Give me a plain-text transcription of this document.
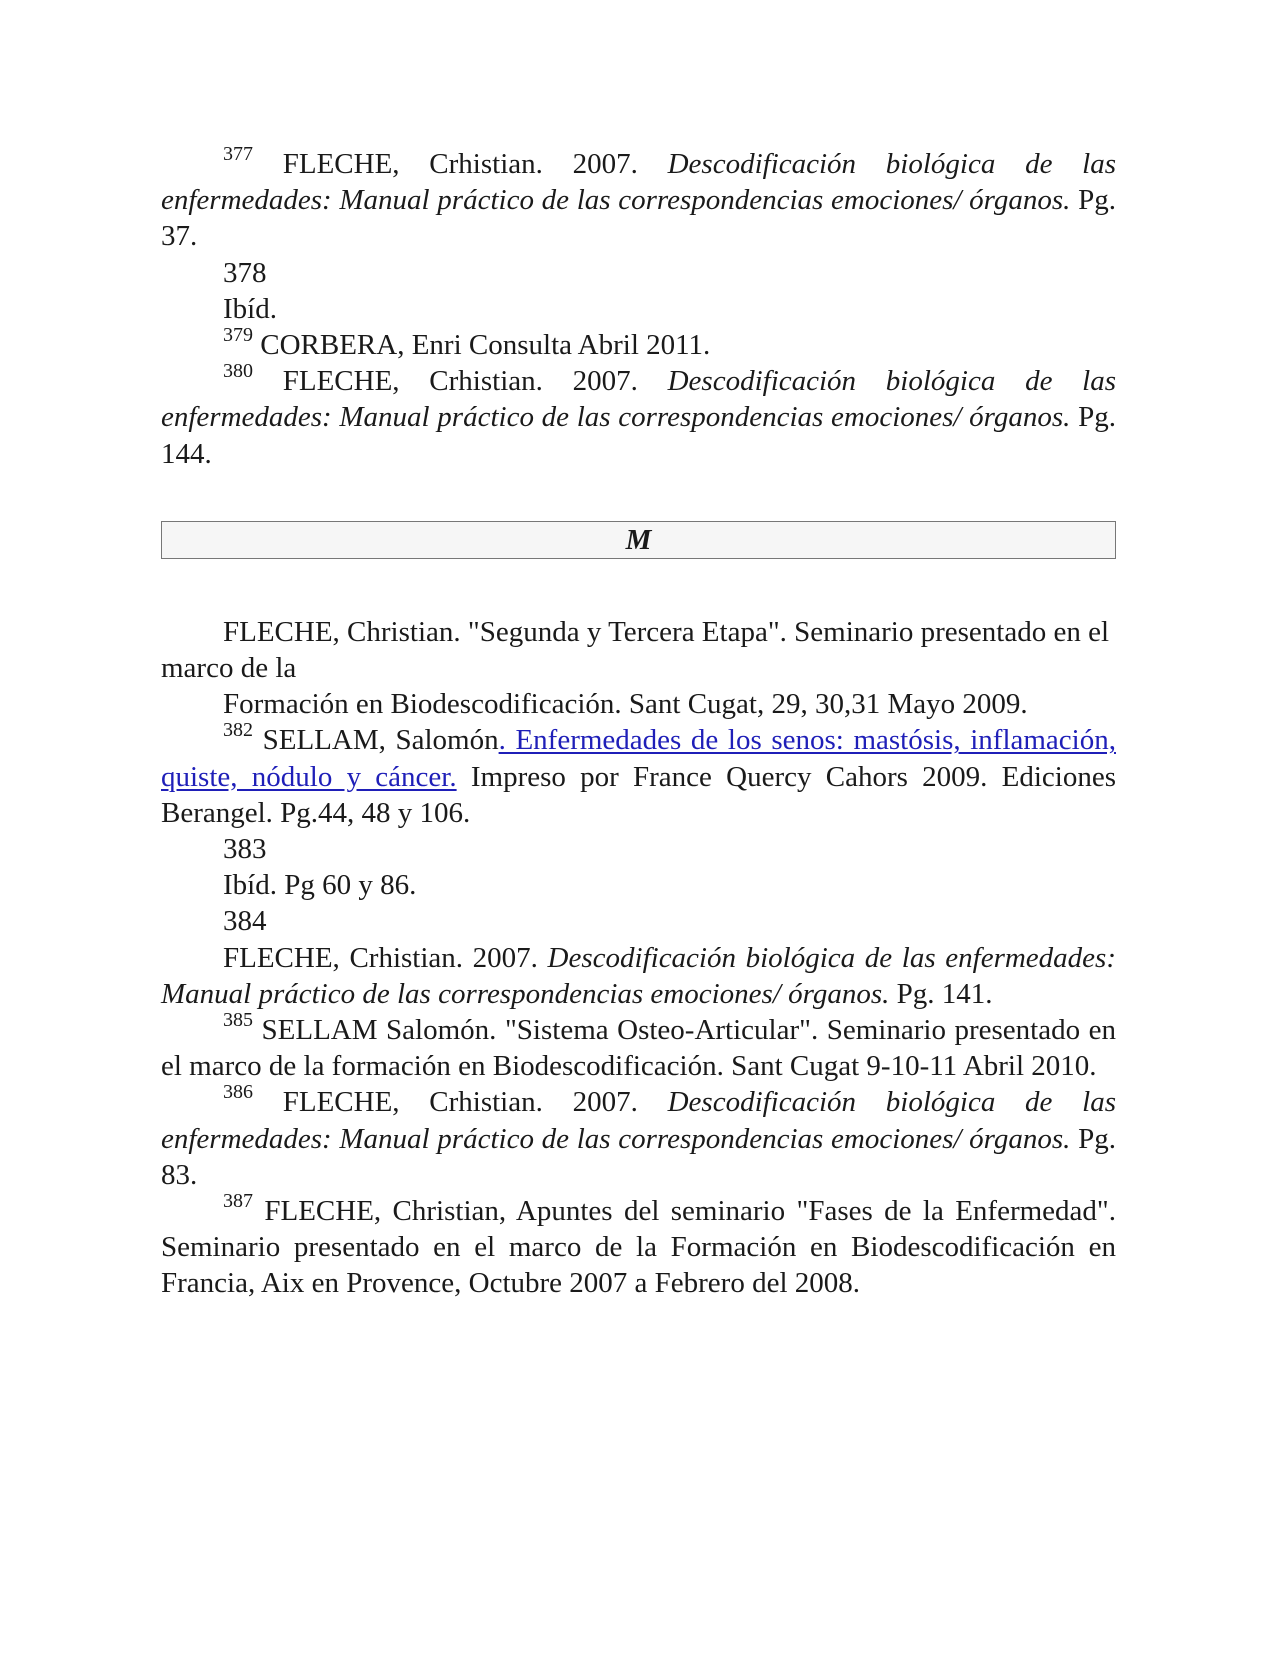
$^{377}$ FLECHE, Crhistian. 2007. Descodificación biológica de las enfermedades: Manual práctico de las correspondencias emociones/ órganos. Pg. 37.

378

Ibíd.

$^{379}$ CORBERA, Enri Consulta Abril 2011.

$^{380}$ FLECHE, Crhistian. 2007. Descodificación biológica de las enfermedades: Manual práctico de las correspondencias emociones/ órganos. Pg. 144.

M

FLECHE, Christian. "Segunda y Tercera Etapa". Seminario presentado en el marco de la

Formación en Biodescodificación. Sant Cugat, 29, 30,31 Mayo 2009.

$^{382}$ SELLAM, Salomón. Enfermedades de los senos: mastósis, inflamación, quiste, nódulo y cáncer. Impreso por France Quercy Cahors 2009. Ediciones Berangel. Pg.44, 48 y 106.

383

Ibíd. Pg 60 y 86.

384

FLECHE, Crhistian. 2007. Descodificación biológica de las enfermedades: Manual práctico de las correspondencias emociones/ órganos. Pg. 141.

$^{385}$ SELLAM Salomón. "Sistema Osteo-Articular". Seminario presentado en el marco de la formación en Biodescodificación. Sant Cugat 9-10-11 Abril 2010.

$^{386}$ FLECHE, Crhistian. 2007. Descodificación biológica de las enfermedades: Manual práctico de las correspondencias emociones/ órganos. Pg. 83.

$^{387}$ FLECHE, Christian, Apuntes del seminario "Fases de la Enfermedad". Seminario presentado en el marco de la Formación en Biodescodificación en Francia, Aix en Provence, Octubre 2007 a Febrero del 2008.
